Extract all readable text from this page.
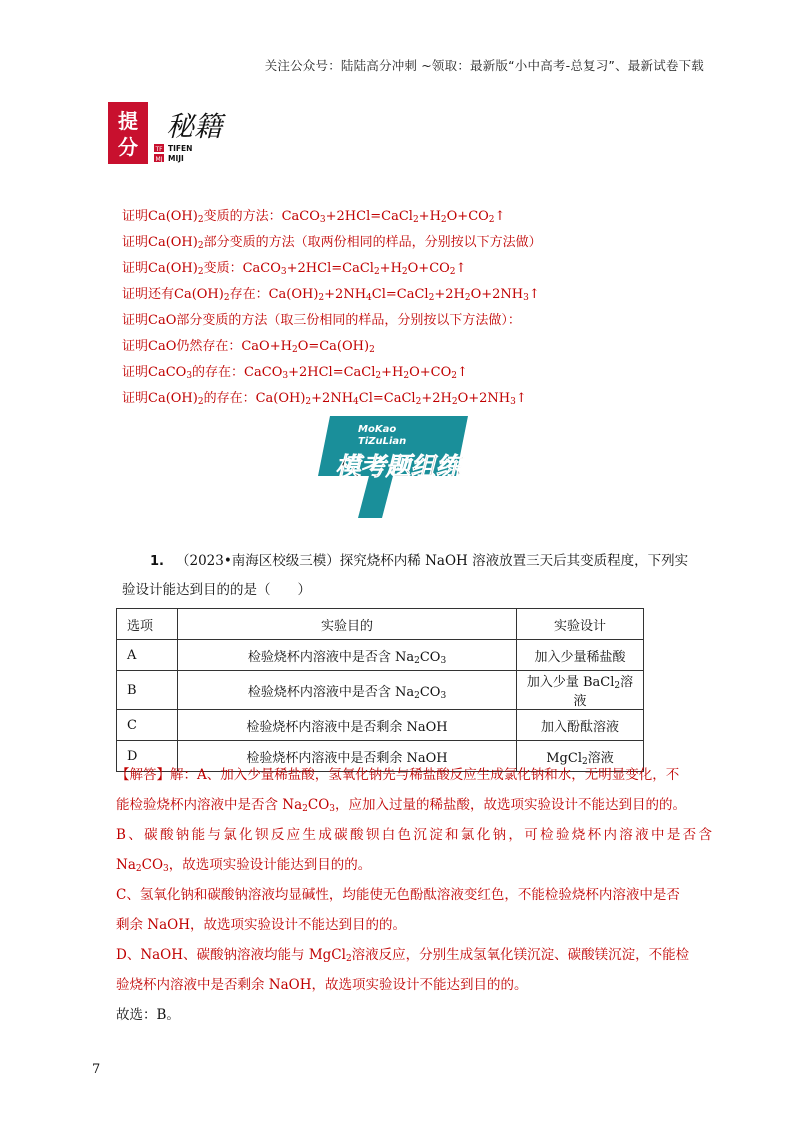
关注公众号：陆陆高分冲刺 ~领取：最新版“小中高考-总复习”、最新试卷下载
提
分
秘籍
TF
MJ
TIFEN
MIJI
证明$Ca(OH)_2$变质的方法：$CaCO_3+2HCl=CaCl_2+H_2O+CO_2↑$
证明$Ca(OH)_2$部分变质的方法（取两份相同的样品，分别按以下方法做）
证明$Ca(OH)_2$变质：$CaCO_3+2HCl=CaCl_2+H_2O+CO_2↑$
证明还有$Ca(OH)_2$存在：$Ca(OH)_2+2NH_4Cl=CaCl_2+2H_2O+2NH_3↑$
证明CaO部分变质的方法（取三份相同的样品，分别按以下方法做）：
证明CaO仍然存在：$CaO+H_2O=Ca(OH)_2$
证明CaCO$_3$的存在：$CaCO_3+2HCl=CaCl_2+H_2O+CO_2↑$
证明$Ca(OH)_2$的存在：$Ca(OH)_2+2NH_4Cl=CaCl_2+2H_2O+2NH_3↑$
MoKao
TiZuLian
模考题组练
1. （2023•南海区校级三模）探究烧杯内稀 NaOH 溶液放置三天后其变质程度，下列实
验设计能达到目的的是（　　）
选项	实验目的	实验设计
A	检验烧杯内溶液中是否含 $Na_2CO_3$	加入少量稀盐酸
B	检验烧杯内溶液中是否含 $Na_2CO_3$	加入少量 BaCl$_2$溶液
C	检验烧杯内溶液中是否剩余 NaOH	加入酚酞溶液
D	检验烧杯内溶液中是否剩余 NaOH	MgCl$_2$溶液

【解答】解：A、加入少量稀盐酸，氢氧化钠先与稀盐酸反应生成氯化钠和水，无明显变化，不

能检验烧杯内溶液中是否含 $Na_2CO_3$，应加入过量的稀盐酸，故选项实验设计不能达到目的的。

B、碳酸钠能与氯化钡反应生成碳酸钡白色沉淀和氯化钠，可检验烧杯内溶液中是否含

$Na_2CO_3$，故选项实验设计能达到目的的。

C、氢氧化钠和碳酸钠溶液均显碱性，均能使无色酚酞溶液变红色，不能检验烧杯内溶液中是否

剩余 NaOH，故选项实验设计不能达到目的的。

D、NaOH、碳酸钠溶液均能与 MgCl$_2$溶液反应，分别生成氢氧化镁沉淀、碳酸镁沉淀，不能检

验烧杯内溶液中是否剩余 NaOH，故选项实验设计不能达到目的的。

故选：B。

7
